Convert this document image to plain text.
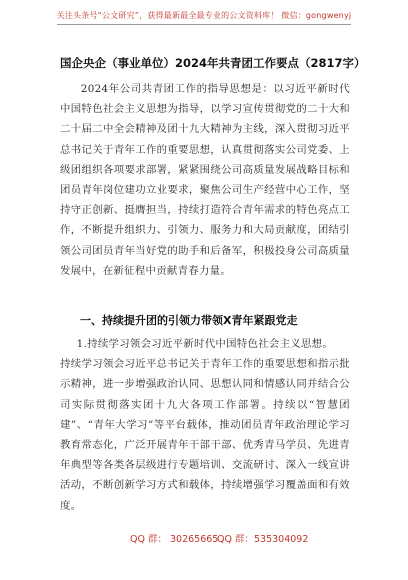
关注头条号“公文研究”，获得最新最全最专业的公文资料库！ 微信：gongwenyj
国企央企（事业单位）2024年共青团工作要点（2817字）
2024年公司共青团工作的指导思想是：以习近平新时代中国特色社会主义思想为指导，以学习宣传贯彻党的二十大和二十届二中全会精神及团十九大精神为主线，深入贯彻习近平总书记关于青年工作的重要思想，认真贯彻落实公司党委、上级团组织各项要求部署，紧紧围绕公司高质量发展战略目标和团员青年岗位建功立业要求，聚焦公司生产经营中心工作，坚持守正创新、挺膺担当，持续打造符合青年需求的特色亮点工作，不断提升组织力、引领力、服务力和大局贡献度，团结引领公司团员青年当好党的助手和后备军，积极投身公司高质量发展中，在新征程中贡献青春力量。
一、持续提升团的引领力带领X青年紧跟党走
1.持续学习领会习近平新时代中国特色社会主义思想。
持续学习领会习近平总书记关于青年工作的重要思想和指示批示精神，进一步增强政治认同、思想认同和情感认同并结合公司实际贯彻落实团十九大各项工作部署。持续以“智慧团建”、“青年大学习”等平台载体，推动团员青年政治理论学习教育常态化，广泛开展青年干部干部、优秀青马学员、先进青年典型等各类各层级进行专题培训、交流研讨、深入一线宣讲活动，不断创新学习方式和载体，持续增强学习覆盖面和有效度。
QQ 群： 30265665
QQ 群：535304092
